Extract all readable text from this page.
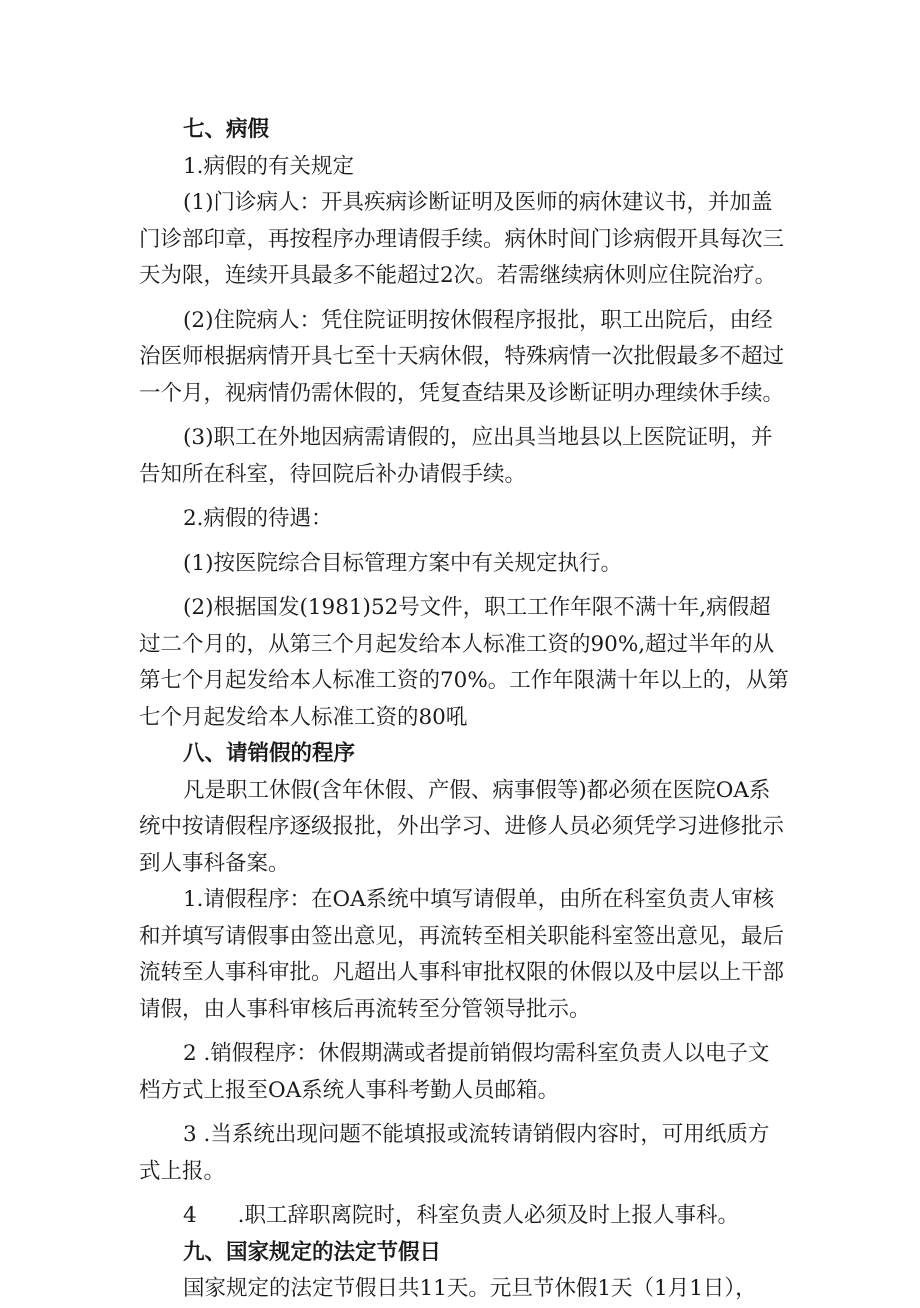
七、病假
1.病假的有关规定
(1)门诊病人：开具疾病诊断证明及医师的病休建议书，并加盖
门诊部印章，再按程序办理请假手续。病休时间门诊病假开具每次三
天为限，连续开具最多不能超过2次。若需继续病休则应住院治疗。
(2)住院病人：凭住院证明按休假程序报批，职工出院后，由经
治医师根据病情开具七至十天病休假，特殊病情一次批假最多不超过
一个月，视病情仍需休假的，凭复查结果及诊断证明办理续休手续。
(3)职工在外地因病需请假的，应出具当地县以上医院证明，并
告知所在科室，待回院后补办请假手续。
2.病假的待遇：
(1)按医院综合目标管理方案中有关规定执行。
(2)根据国发(1981)52号文件，职工工作年限不满十年,病假超
过二个月的，从第三个月起发给本人标准工资的90%,超过半年的从
第七个月起发给本人标准工资的70%。工作年限满十年以上的，从第
七个月起发给本人标准工资的80吼
八、请销假的程序
凡是职工休假(含年休假、产假、病事假等)都必须在医院OA系
统中按请假程序逐级报批，外出学习、进修人员必须凭学习进修批示
到人事科备案。
1.请假程序：在OA系统中填写请假单，由所在科室负责人审核
和并填写请假事由签出意见，再流转至相关职能科室签出意见，最后
流转至人事科审批。凡超出人事科审批权限的休假以及中层以上干部
请假，由人事科审核后再流转至分管领导批示。
2 .销假程序：休假期满或者提前销假均需科室负责人以电子文
档方式上报至OA系统人事科考勤人员邮箱。
3 .当系统出现问题不能填报或流转请销假内容时，可用纸质方
式上报。
4      .职工辞职离院时，科室负责人必须及时上报人事科。
九、国家规定的法定节假日
国家规定的法定节假日共11天。元旦节休假1天（1月1日），
